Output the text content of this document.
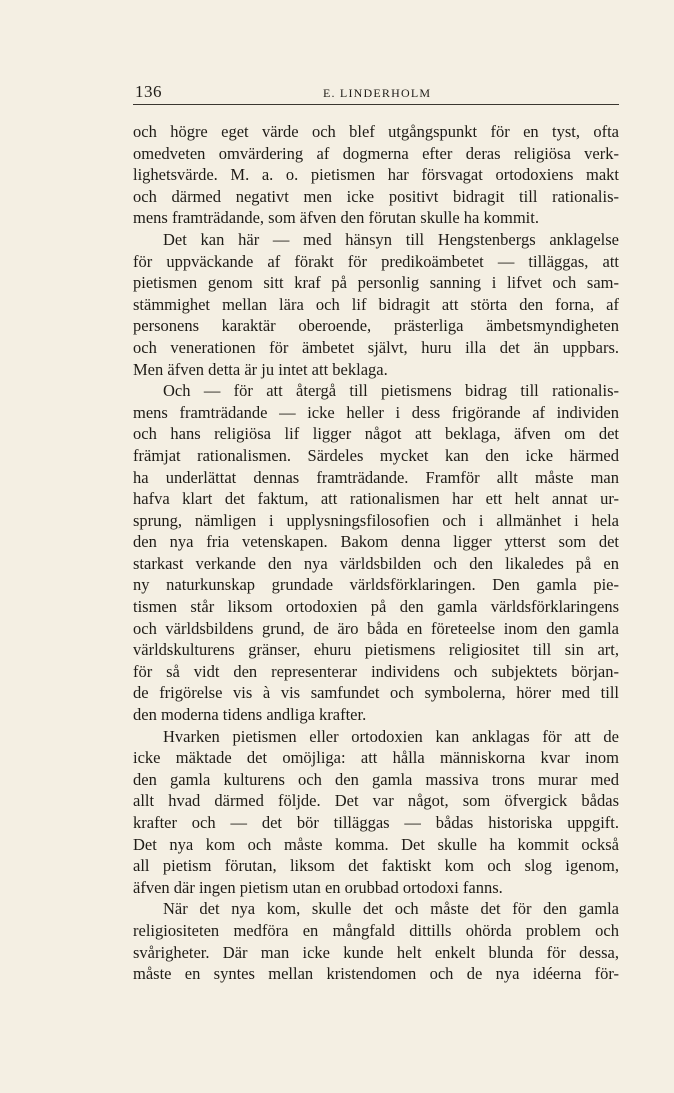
136	E. LINDERHOLM
och högre eget värde och blef utgångspunkt för en tyst, ofta
omedveten omvärdering af dogmerna efter deras religiösa verk-
lighetsvärde. M. a. o. pietismen har försvagat ortodoxiens makt
och därmed negativt men icke positivt bidragit till rationalis-
mens framträdande, som äfven den förutan skulle ha kommit.
Det kan här — med hänsyn till Hengstenbergs anklagelse
för uppväckande af förakt för predikoämbetet — tilläggas, att
pietismen genom sitt kraf på personlig sanning i lifvet och sam-
stämmighet mellan lära och lif bidragit att störta den forna, af
personens karaktär oberoende, prästerliga ämbetsmyndigheten
och venerationen för ämbetet självt, huru illa det än uppbars.
Men äfven detta är ju intet att beklaga.
Och — för att återgå till pietismens bidrag till rationalis-
mens framträdande — icke heller i dess frigörande af individen
och hans religiösa lif ligger något att beklaga, äfven om det
främjat rationalismen. Särdeles mycket kan den icke härmed
ha underlättat dennas framträdande. Framför allt måste man
hafva klart det faktum, att rationalismen har ett helt annat ur-
sprung, nämligen i upplysningsfilosofien och i allmänhet i hela
den nya fria vetenskapen. Bakom denna ligger ytterst som det
starkast verkande den nya världsbilden och den likaledes på en
ny naturkunskap grundade världsförklaringen. Den gamla pie-
tismen står liksom ortodoxien på den gamla världsförklaringens
och världsbildens grund, de äro båda en företeelse inom den gamla
världskulturens gränser, ehuru pietismens religiositet till sin art,
för så vidt den representerar individens och subjektets början-
de frigörelse vis à vis samfundet och symbolerna, hörer med till
den moderna tidens andliga krafter.
Hvarken pietismen eller ortodoxien kan anklagas för att de
icke mäktade det omöjliga: att hålla människorna kvar inom
den gamla kulturens och den gamla massiva trons murar med
allt hvad därmed följde. Det var något, som öfvergick bådas
krafter och — det bör tilläggas — bådas historiska uppgift.
Det nya kom och måste komma. Det skulle ha kommit också
all pietism förutan, liksom det faktiskt kom och slog igenom,
äfven där ingen pietism utan en orubbad ortodoxi fanns.
När det nya kom, skulle det och måste det för den gamla
religiositeten medföra en mångfald dittills ohörda problem och
svårigheter. Där man icke kunde helt enkelt blunda för dessa,
måste en syntes mellan kristendomen och de nya idéerna för-
